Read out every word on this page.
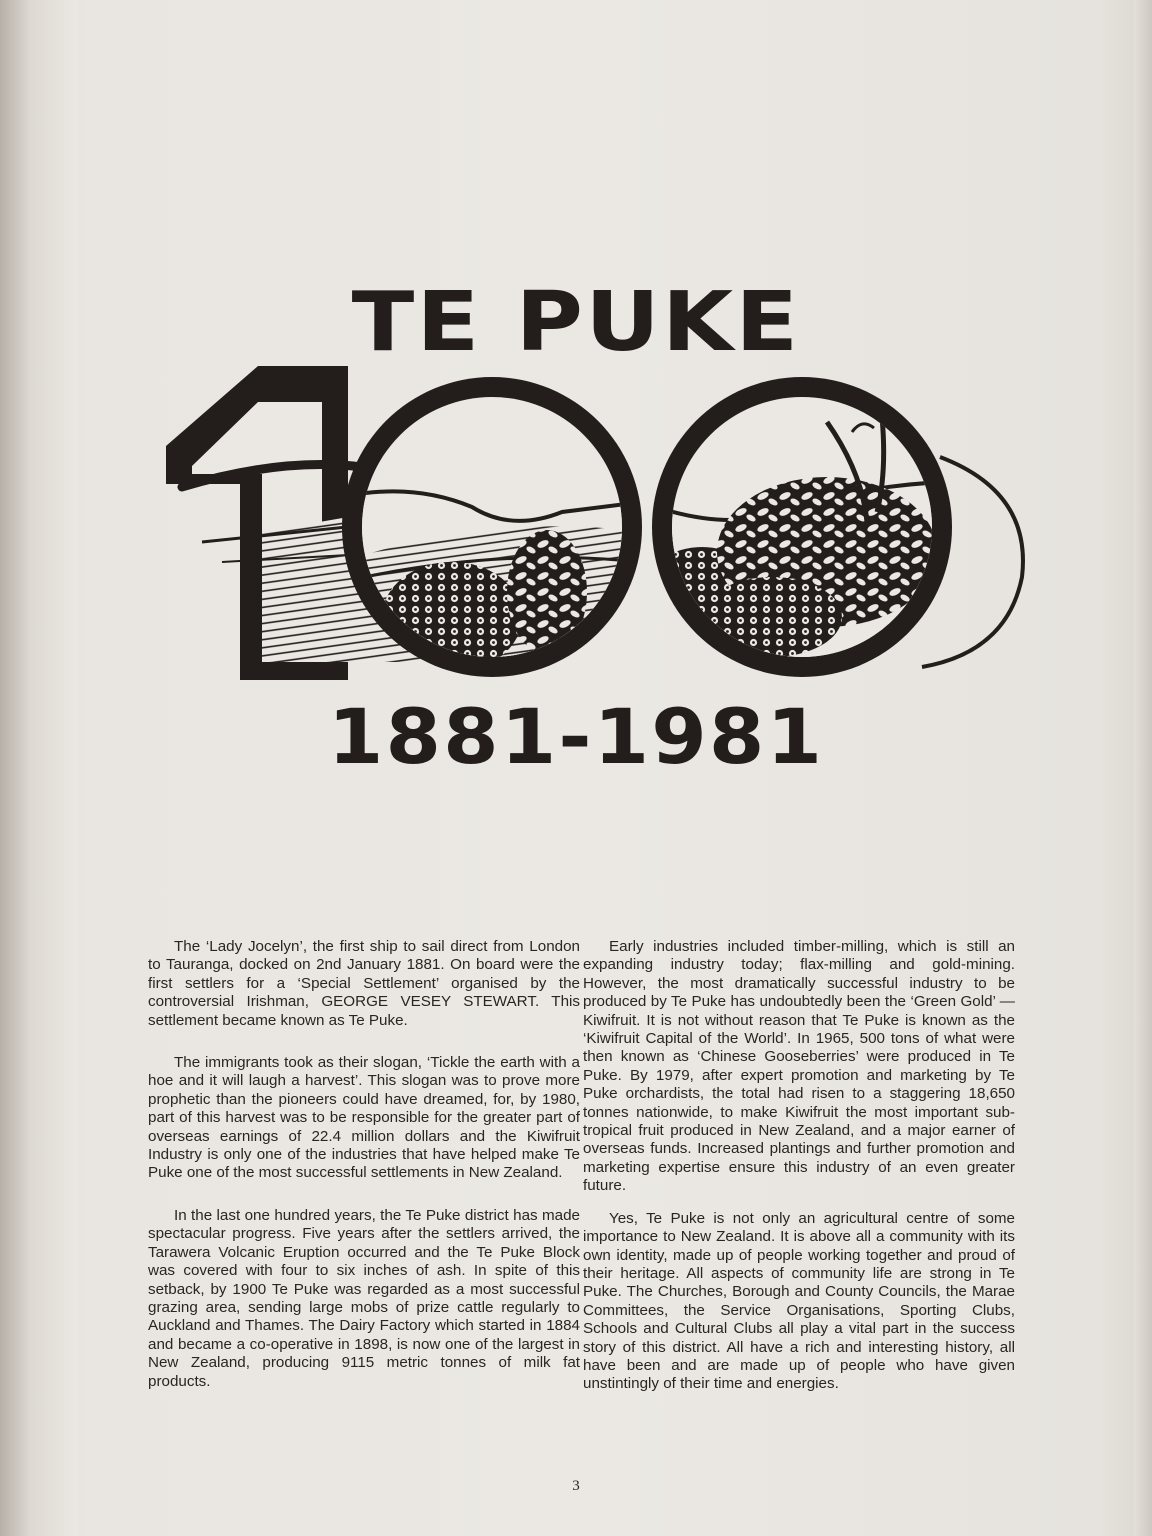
TE PUKE
1881-1981

The ‘Lady Jocelyn’, the first ship to sail direct from London to Tauranga, docked on 2nd January 1881. On board were the first settlers for a ‘Special Settlement’ organised by the controversial Irishman, GEORGE VESEY STEWART. This settlement became known as Te Puke.

The immigrants took as their slogan, ‘Tickle the earth with a hoe and it will laugh a harvest’. This slogan was to prove more prophetic than the pioneers could have dreamed, for, by 1980, part of this harvest was to be responsible for the greater part of overseas earnings of 22.4 million dollars and the Kiwifruit Industry is only one of the industries that have helped make Te Puke one of the most successful settlements in New Zealand.

In the last one hundred years, the Te Puke district has made spectacular progress. Five years after the settlers arrived, the Tarawera Volcanic Eruption occurred and the Te Puke Block was covered with four to six inches of ash. In spite of this setback, by 1900 Te Puke was regarded as a most successful grazing area, sending large mobs of prize cattle regularly to Auckland and Thames. The Dairy Factory which started in 1884 and became a co-operative in 1898, is now one of the largest in New Zealand, producing 9115 metric tonnes of milk fat products.

Early industries included timber-milling, which is still an expanding industry today; flax-milling and gold-mining. However, the most dramatically successful industry to be produced by Te Puke has undoubtedly been the ‘Green Gold’ — Kiwifruit. It is not without reason that Te Puke is known as the ‘Kiwifruit Capital of the World’. In 1965, 500 tons of what were then known as ‘Chinese Gooseberries’ were produced in Te Puke. By 1979, after expert promotion and marketing by Te Puke orchardists, the total had risen to a staggering 18,650 tonnes nationwide, to make Kiwifruit the most important sub-tropical fruit produced in New Zealand, and a major earner of overseas funds. Increased plantings and further promotion and marketing expertise ensure this industry of an even greater future.

Yes, Te Puke is not only an agricultural centre of some importance to New Zealand. It is above all a community with its own identity, made up of people working together and proud of their heritage. All aspects of community life are strong in Te Puke. The Churches, Borough and County Councils, the Marae Committees, the Service Organisations, Sporting Clubs, Schools and Cultural Clubs all play a vital part in the success story of this district. All have a rich and interesting history, all have been and are made up of people who have given unstintingly of their time and energies.

3
